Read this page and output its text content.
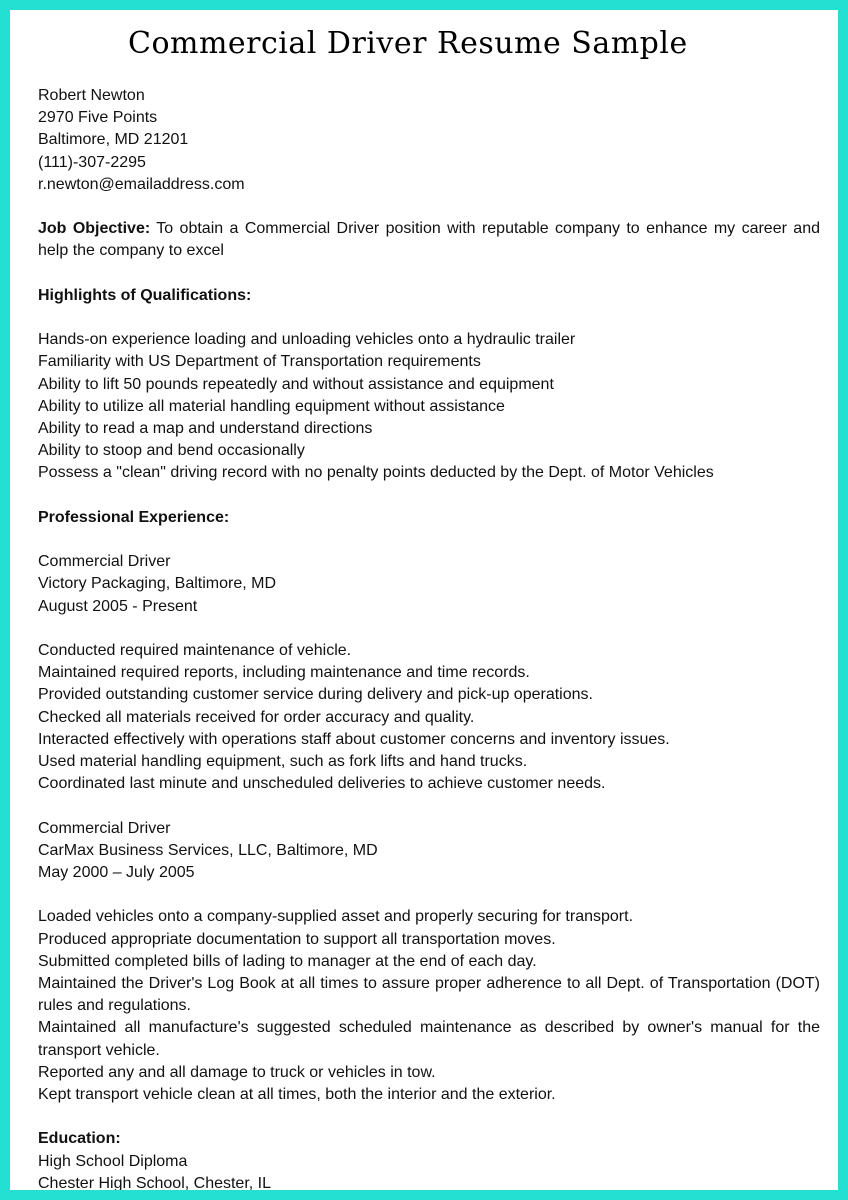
Commercial Driver Resume Sample
Robert Newton
2970 Five Points
Baltimore, MD 21201
(111)-307-2295
r.newton@emailaddress.com
Job Objective: To obtain a Commercial Driver position with reputable company to enhance my career and help the company to excel
Highlights of Qualifications:
Hands-on experience loading and unloading vehicles onto a hydraulic trailer
Familiarity with US Department of Transportation requirements
Ability to lift 50 pounds repeatedly and without assistance and equipment
Ability to utilize all material handling equipment without assistance
Ability to read a map and understand directions
Ability to stoop and bend occasionally
Possess a "clean" driving record with no penalty points deducted by the Dept. of Motor Vehicles
Professional Experience:
Commercial Driver
Victory Packaging, Baltimore, MD
August 2005 - Present
Conducted required maintenance of vehicle.
Maintained required reports, including maintenance and time records.
Provided outstanding customer service during delivery and pick-up operations.
Checked all materials received for order accuracy and quality.
Interacted effectively with operations staff about customer concerns and inventory issues.
Used material handling equipment, such as fork lifts and hand trucks.
Coordinated last minute and unscheduled deliveries to achieve customer needs.
Commercial Driver
CarMax Business Services, LLC, Baltimore, MD
May 2000 – July 2005
Loaded vehicles onto a company-supplied asset and properly securing for transport.
Produced appropriate documentation to support all transportation moves.
Submitted completed bills of lading to manager at the end of each day.
Maintained the Driver's Log Book at all times to assure proper adherence to all Dept. of Transportation (DOT) rules and regulations.
Maintained all manufacture's suggested scheduled maintenance as described by owner's manual for the transport vehicle.
Reported any and all damage to truck or vehicles in tow.
Kept transport vehicle clean at all times, both the interior and the exterior.
Education:
High School Diploma
Chester High School, Chester, IL
